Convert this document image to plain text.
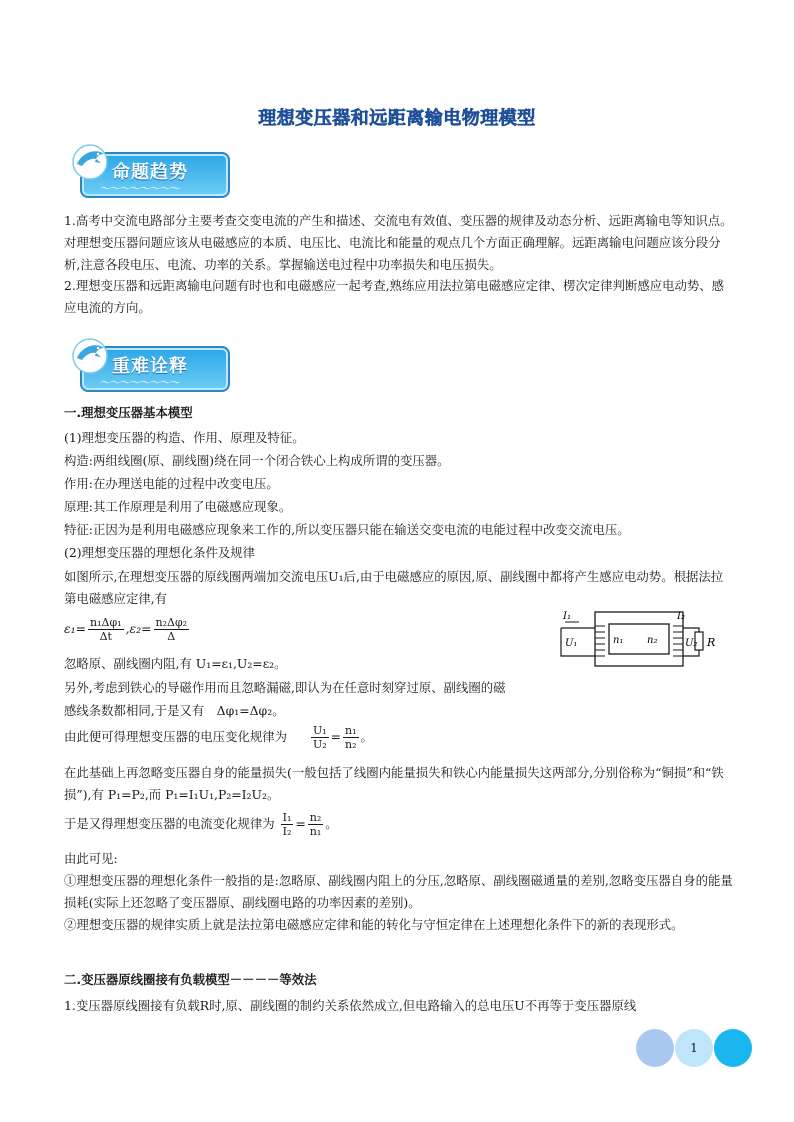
理想变压器和远距离输电物理模型
命题趋势
～～～～～～～～

1.高考中交流电路部分主要考查交变电流的产生和描述、交流电有效值、变压器的规律及动态分析、远距离输电等知识点。对理想变压器问题应该从电磁感应的本质、电压比、电流比和能量的观点几个方面正确理解。远距离输电问题应该分段分析,注意各段电压、电流、功率的关系。掌握输送电过程中功率损失和电压损失。

2.理想变压器和远距离输电问题有时也和电磁感应一起考查,熟练应用法拉第电磁感应定律、楞次定律判断感应电动势、感应电流的方向。

重难诠释
～～～～～～～～
一.理想变压器基本模型
(1)理想变压器的构造、作用、原理及特征。
构造:两组线圈(原、副线圈)绕在同一个闭合铁心上构成所谓的变压器。
作用:在办理送电能的过程中改变电压。
原理:其工作原理是利用了电磁感应现象。
特征:正因为是利用电磁感应现象来工作的,所以变压器只能在输送交变电流的电能过程中改变交流电压。
(2)理想变压器的理想化条件及规律

如图所示,在理想变压器的原线圈两端加交流电压U₁后,由于电磁感应的原因,原、副线圈中都将产生感应电动势。根据法拉第电磁感应定律,有

$\varepsilon_1= \frac{\text{n₁Δφ₁}}{\Delta t} ,\varepsilon_2= \frac{\text{n₂Δφ₂}}{\Delta}$
忽略原、副线圈内阻,有 U₁=ε₁,U₂=ε₂。
另外,考虑到铁心的导磁作用而且忽略漏磁,即认为在任意时刻穿过原、副线圈的磁
感线条数都相同,于是又有　Δφ₁=Δφ₂。
由此便可得理想变压器的电压变化规律为 $\frac{\text{U₁}}{\text{U₂}} = \frac{\text{n₁}}{\text{n₂}}$ 。

在此基础上再忽略变压器自身的能量损失(一般包括了线圈内能量损失和铁心内能量损失这两部分,分别俗称为“铜损”和“铁损”),有 P₁=P₂,而 P₁=I₁U₁,P₂=I₂U₂。

于是又得理想变压器的电流变化规律为 $\frac{\text{I₁}}{\text{I₂}} = \frac{\text{n₂}}{\text{n₁}}$ 。
由此可见:

①理想变压器的理想化条件一般指的是:忽略原、副线圈内阻上的分压,忽略原、副线圈磁通量的差别,忽略变压器自身的能量损耗(实际上还忽略了变压器原、副线圈电路的功率因素的差别)。

②理想变压器的规律实质上就是法拉第电磁感应定律和能的转化与守恒定律在上述理想化条件下的新的表现形式。

二.变压器原线圈接有负载模型－－－－等效法
1.变压器原线圈接有负载R时,原、副线圈的制约关系依然成立,但电路输入的总电压U不再等于变压器原线
I₁
U₁	n₁ n₂
I₂
U₂ R
1
